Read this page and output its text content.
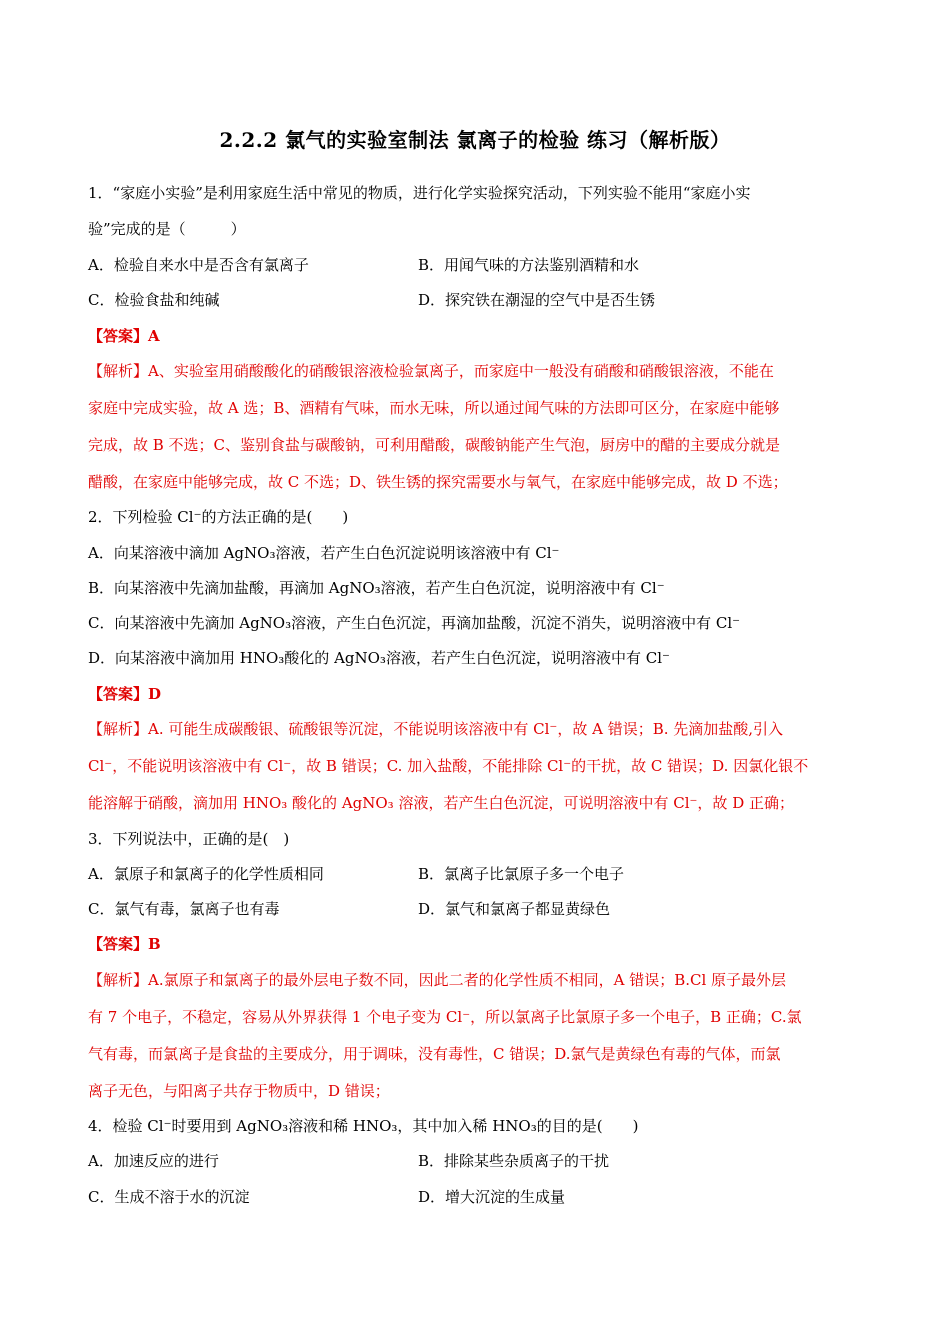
2.2.2 氯气的实验室制法 氯离子的检验 练习（解析版）
1．“家庭小实验”是利用家庭生活中常见的物质，进行化学实验探究活动，下列实验不能用“家庭小实
验”完成的是（　　　）
A．检验自来水中是否含有氯离子	B．用闻气味的方法鉴别酒精和水
C．检验食盐和纯碱	D．探究铁在潮湿的空气中是否生锈
【答案】A
【解析】A、实验室用硝酸酸化的硝酸银溶液检验氯离子，而家庭中一般没有硝酸和硝酸银溶液，不能在
家庭中完成实验，故 A 选；B、酒精有气味，而水无味，所以通过闻气味的方法即可区分，在家庭中能够
完成，故 B 不选；C、鉴别食盐与碳酸钠，可利用醋酸，碳酸钠能产生气泡，厨房中的醋的主要成分就是
醋酸，在家庭中能够完成，故 C 不选；D、铁生锈的探究需要水与氧气，在家庭中能够完成，故 D 不选；
2．下列检验 Cl⁻的方法正确的是(　　)
A．向某溶液中滴加 AgNO₃溶液，若产生白色沉淀说明该溶液中有 Cl⁻
B．向某溶液中先滴加盐酸，再滴加 AgNO₃溶液，若产生白色沉淀，说明溶液中有 Cl⁻
C．向某溶液中先滴加 AgNO₃溶液，产生白色沉淀，再滴加盐酸，沉淀不消失，说明溶液中有 Cl⁻
D．向某溶液中滴加用 HNO₃酸化的 AgNO₃溶液，若产生白色沉淀，说明溶液中有 Cl⁻
【答案】D
【解析】A. 可能生成碳酸银、硫酸银等沉淀，不能说明该溶液中有 Cl⁻，故 A 错误；B. 先滴加盐酸,引入
Cl⁻，不能说明该溶液中有 Cl⁻，故 B 错误；C. 加入盐酸，不能排除 Cl⁻的干扰，故 C 错误；D. 因氯化银不
能溶解于硝酸，滴加用 HNO₃ 酸化的 AgNO₃ 溶液，若产生白色沉淀，可说明溶液中有 Cl⁻，故 D 正确；
3．下列说法中，正确的是(　)
A．氯原子和氯离子的化学性质相同	B．氯离子比氯原子多一个电子
C．氯气有毒，氯离子也有毒	D．氯气和氯离子都显黄绿色
【答案】B
【解析】A.氯原子和氯离子的最外层电子数不同，因此二者的化学性质不相同，A 错误；B.Cl 原子最外层
有 7 个电子，不稳定，容易从外界获得 1 个电子变为 Cl⁻，所以氯离子比氯原子多一个电子，B 正确；C.氯
气有毒，而氯离子是食盐的主要成分，用于调味，没有毒性，C 错误；D.氯气是黄绿色有毒的气体，而氯
离子无色，与阳离子共存于物质中，D 错误；
4．检验 Cl⁻时要用到 AgNO₃溶液和稀 HNO₃，其中加入稀 HNO₃的目的是(　　)
A．加速反应的进行	B．排除某些杂质离子的干扰
C．生成不溶于水的沉淀	D．增大沉淀的生成量
